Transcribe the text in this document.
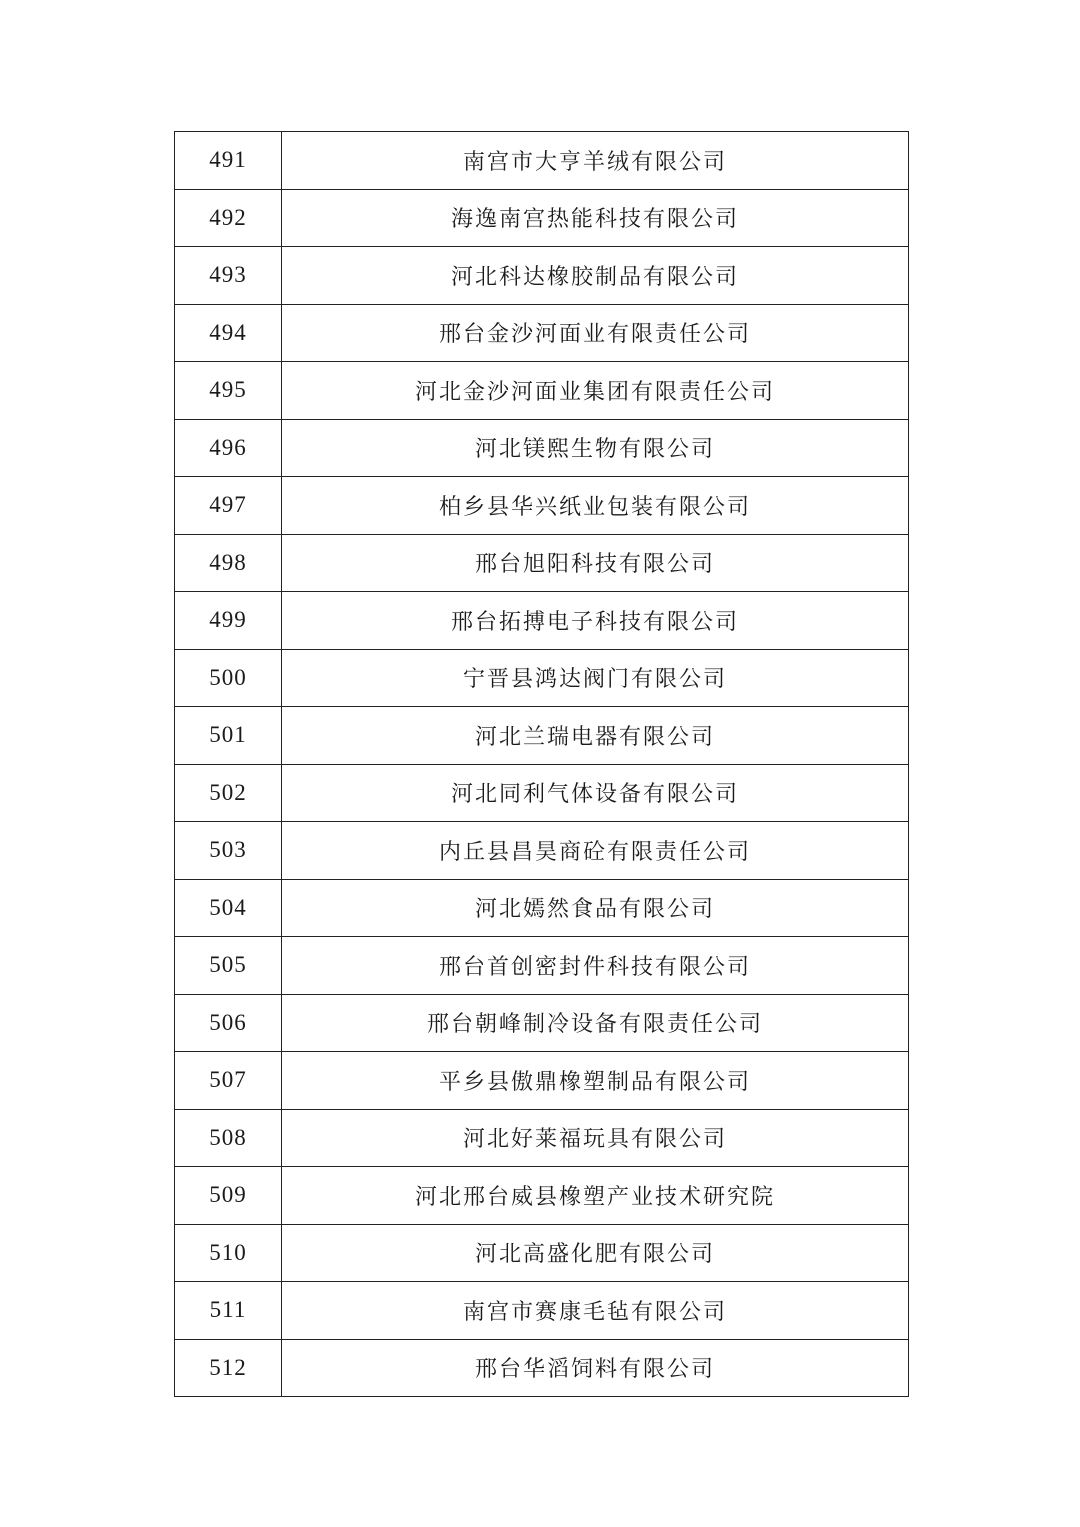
491	南宫市大亨羊绒有限公司
492	海逸南宫热能科技有限公司
493	河北科达橡胶制品有限公司
494	邢台金沙河面业有限责任公司
495	河北金沙河面业集团有限责任公司
496	河北镁熙生物有限公司
497	柏乡县华兴纸业包装有限公司
498	邢台旭阳科技有限公司
499	邢台拓搏电子科技有限公司
500	宁晋县鸿达阀门有限公司
501	河北兰瑞电器有限公司
502	河北同利气体设备有限公司
503	内丘县昌昊商砼有限责任公司
504	河北嫣然食品有限公司
505	邢台首创密封件科技有限公司
506	邢台朝峰制冷设备有限责任公司
507	平乡县傲鼎橡塑制品有限公司
508	河北好莱福玩具有限公司
509	河北邢台威县橡塑产业技术研究院
510	河北高盛化肥有限公司
511	南宫市赛康毛毡有限公司
512	邢台华滔饲料有限公司
